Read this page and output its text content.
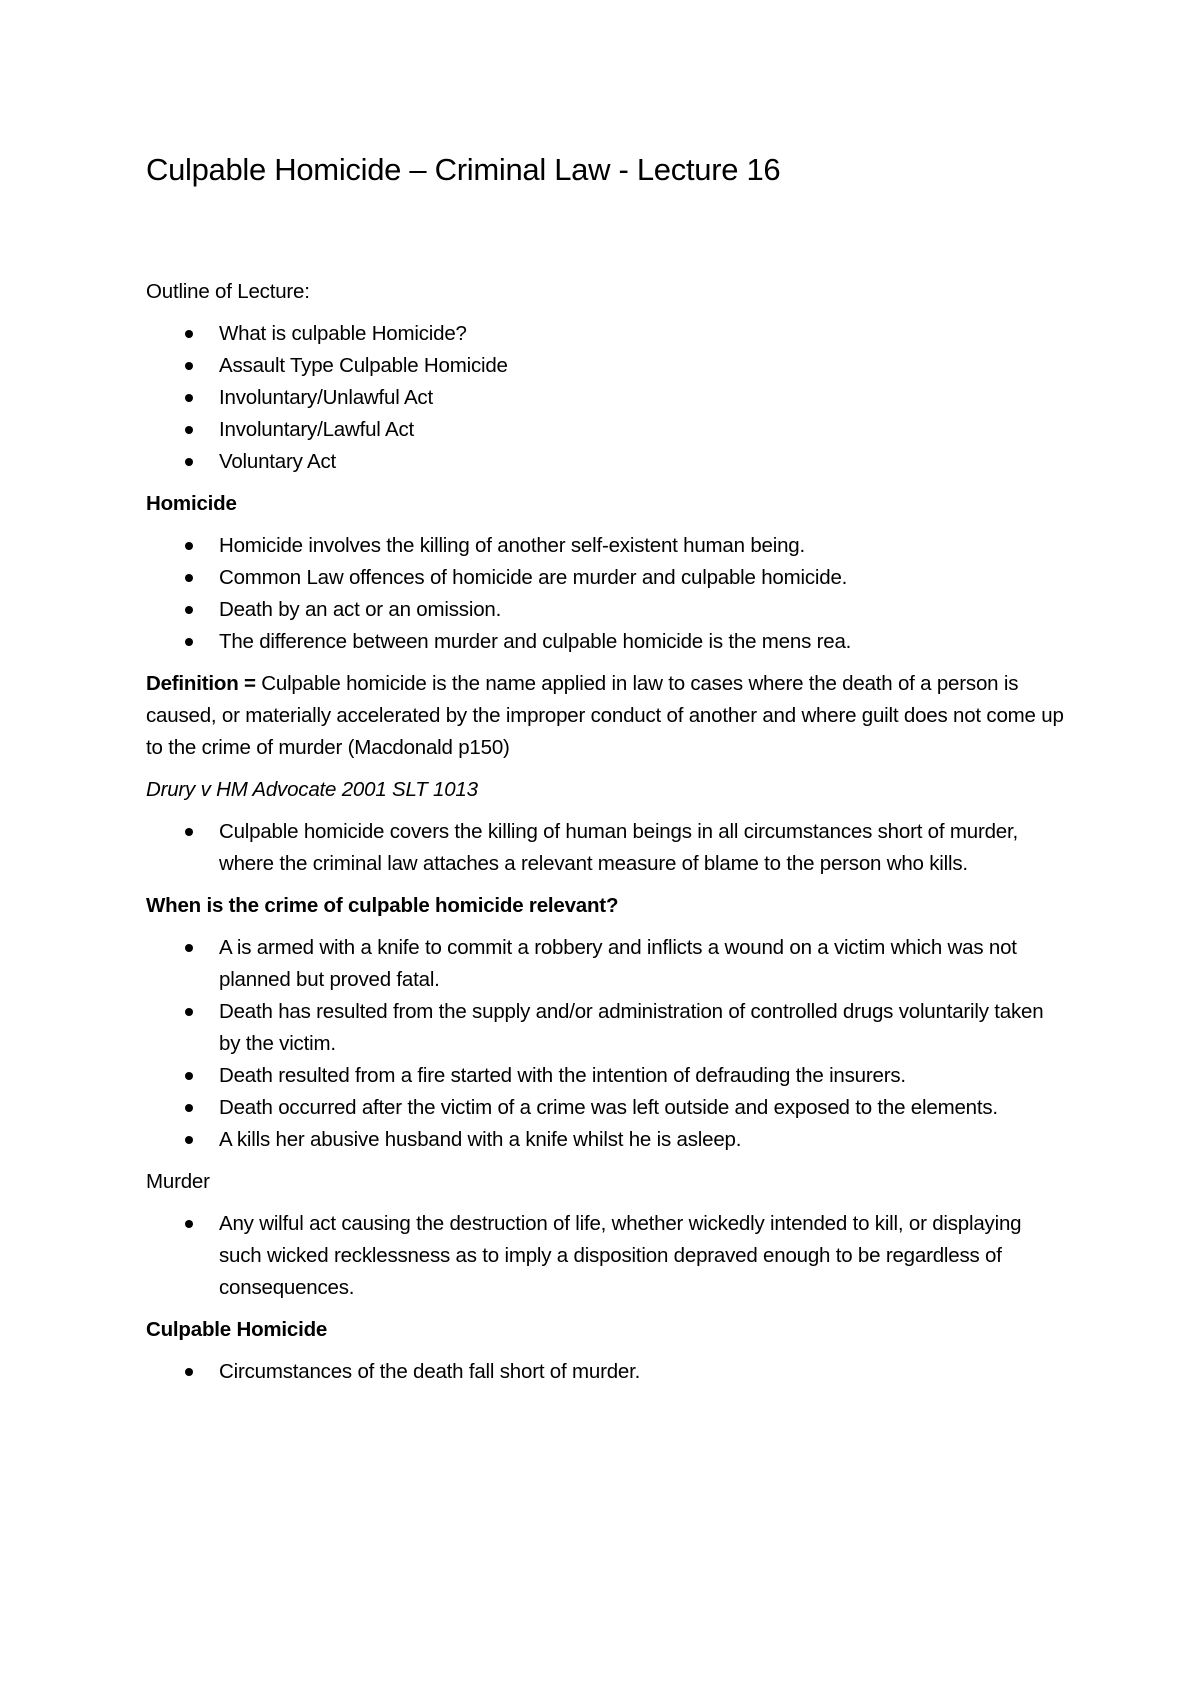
Culpable Homicide – Criminal Law - Lecture 16
Outline of Lecture:
What is culpable Homicide?
Assault Type Culpable Homicide
Involuntary/Unlawful Act
Involuntary/Lawful Act
Voluntary Act
Homicide
Homicide involves the killing of another self-existent human being.
Common Law offences of homicide are murder and culpable homicide.
Death by an act or an omission.
The difference between murder and culpable homicide is the mens rea.
Definition = Culpable homicide is the name applied in law to cases where the death of a person is caused, or materially accelerated by the improper conduct of another and where guilt does not come up to the crime of murder (Macdonald p150)
Drury v HM Advocate 2001 SLT 1013
Culpable homicide covers the killing of human beings in all circumstances short of murder, where the criminal law attaches a relevant measure of blame to the person who kills.
When is the crime of culpable homicide relevant?
A is armed with a knife to commit a robbery and inflicts a wound on a victim which was not planned but proved fatal.
Death has resulted from the supply and/or administration of controlled drugs voluntarily taken by the victim.
Death resulted from a fire started with the intention of defrauding the insurers.
Death occurred after the victim of a crime was left outside and exposed to the elements.
A kills her abusive husband with a knife whilst he is asleep.
Murder
Any wilful act causing the destruction of life, whether wickedly intended to kill, or displaying such wicked recklessness as to imply a disposition depraved enough to be regardless of consequences.
Culpable Homicide
Circumstances of the death fall short of murder.
